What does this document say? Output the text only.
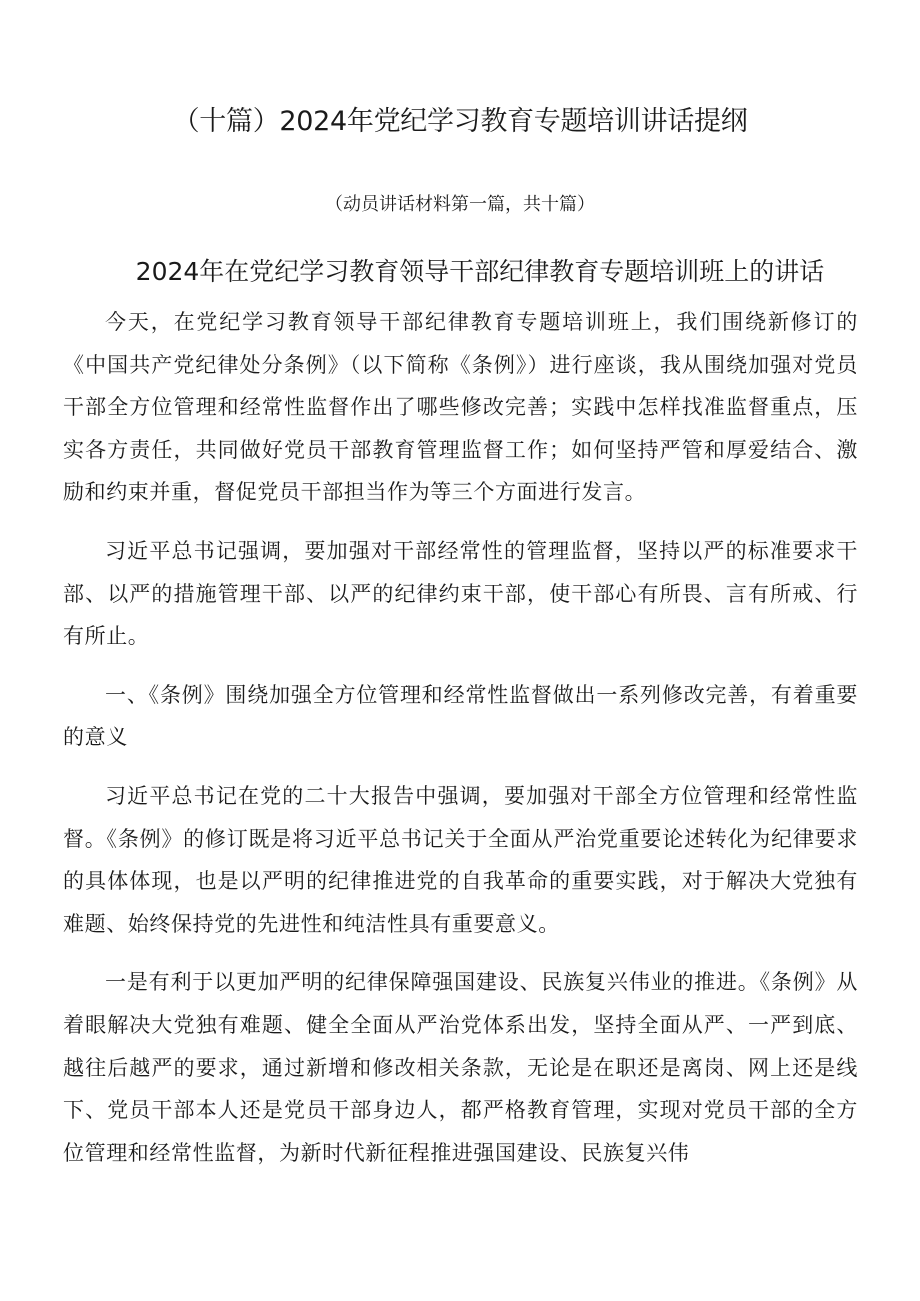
（十篇）2024年党纪学习教育专题培训讲话提纲

（动员讲话材料第一篇，共十篇）

2024年在党纪学习教育领导干部纪律教育专题培训班上的讲话

今天，在党纪学习教育领导干部纪律教育专题培训班上，我们围绕新修订的《中国共产党纪律处分条例》（以下简称《条例》）进行座谈，我从围绕加强对党员干部全方位管理和经常性监督作出了哪些修改完善；实践中怎样找准监督重点，压实各方责任，共同做好党员干部教育管理监督工作；如何坚持严管和厚爱结合、激励和约束并重，督促党员干部担当作为等三个方面进行发言。

习近平总书记强调，要加强对干部经常性的管理监督，坚持以严的标准要求干部、以严的措施管理干部、以严的纪律约束干部，使干部心有所畏、言有所戒、行有所止。

一、《条例》围绕加强全方位管理和经常性监督做出一系列修改完善，有着重要的意义

习近平总书记在党的二十大报告中强调，要加强对干部全方位管理和经常性监督。《条例》的修订既是将习近平总书记关于全面从严治党重要论述转化为纪律要求的具体体现，也是以严明的纪律推进党的自我革命的重要实践，对于解决大党独有难题、始终保持党的先进性和纯洁性具有重要意义。

一是有利于以更加严明的纪律保障强国建设、民族复兴伟业的推进。《条例》从着眼解决大党独有难题、健全全面从严治党体系出发，坚持全面从严、一严到底、越往后越严的要求，通过新增和修改相关条款，无论是在职还是离岗、网上还是线下、党员干部本人还是党员干部身边人，都严格教育管理，实现对党员干部的全方位管理和经常性监督，为新时代新征程推进强国建设、民族复兴伟
